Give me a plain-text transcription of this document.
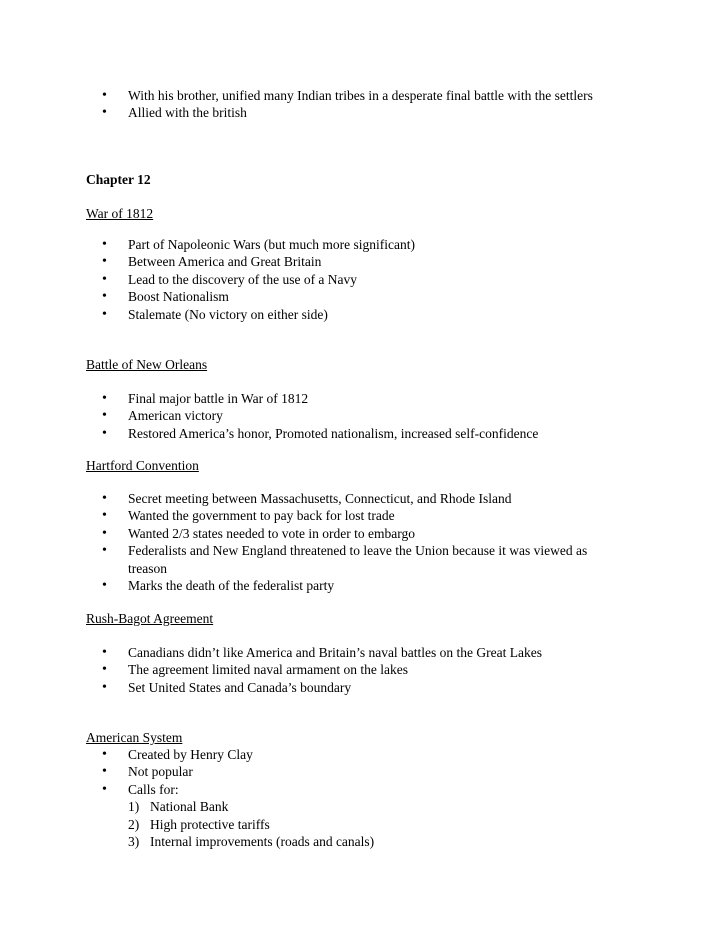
• With his brother, unified many Indian tribes in a desperate final battle with the settlers
• Allied with the british
Chapter 12
War of 1812
• Part of Napoleonic Wars (but much more significant)
• Between America and Great Britain
• Lead to the discovery of the use of a Navy
• Boost Nationalism
• Stalemate (No victory on either side)
Battle of New Orleans
• Final major battle in War of 1812
• American victory
• Restored America’s honor, Promoted nationalism, increased self-confidence
Hartford Convention
• Secret meeting between Massachusetts, Connecticut, and Rhode Island
• Wanted the government to pay back for lost trade
• Wanted 2/3 states needed to vote in order to embargo
• Federalists and New England threatened to leave the Union because it was viewed as treason
• Marks the death of the federalist party
Rush-Bagot Agreement
• Canadians didn’t like America and Britain’s naval battles on the Great Lakes
• The agreement limited naval armament on the lakes
• Set United States and Canada’s boundary
American System
• Created by Henry Clay
• Not popular
• Calls for:
1) National Bank
2) High protective tariffs
3) Internal improvements (roads and canals)
